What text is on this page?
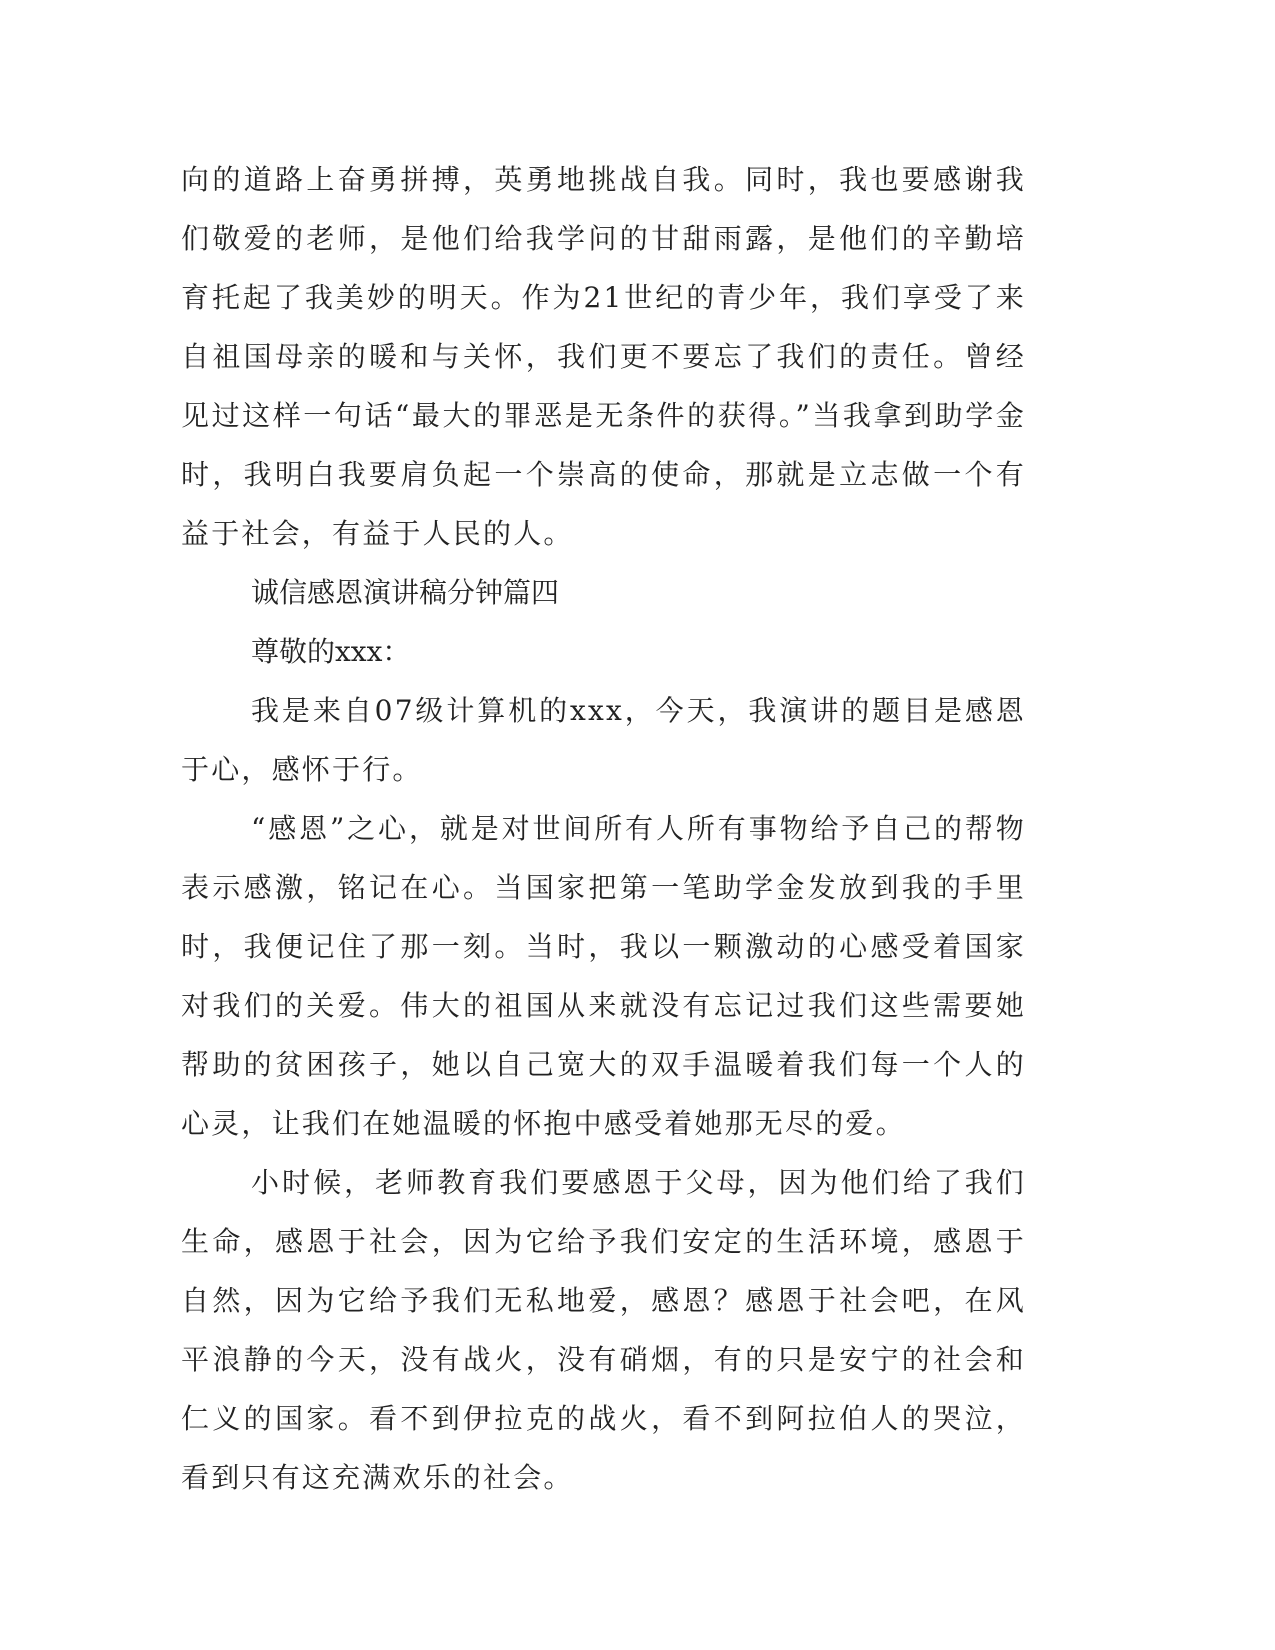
向的道路上奋勇拼搏，英勇地挑战自我。同时，我也要感谢我们敬爱的老师，是他们给我学问的甘甜雨露，是他们的辛勤培育托起了我美妙的明天。作为21世纪的青少年，我们享受了来自祖国母亲的暖和与关怀，我们更不要忘了我们的责任。曾经见过这样一句话“最大的罪恶是无条件的获得。”当我拿到助学金时，我明白我要肩负起一个崇高的使命，那就是立志做一个有益于社会，有益于人民的人。

诚信感恩演讲稿分钟篇四

尊敬的xxx：

我是来自07级计算机的xxx，今天，我演讲的题目是感恩于心，感怀于行。

“感恩”之心，就是对世间所有人所有事物给予自己的帮物表示感激，铭记在心。当国家把第一笔助学金发放到我的手里时，我便记住了那一刻。当时，我以一颗激动的心感受着国家对我们的关爱。伟大的祖国从来就没有忘记过我们这些需要她帮助的贫困孩子，她以自己宽大的双手温暖着我们每一个人的心灵，让我们在她温暖的怀抱中感受着她那无尽的爱。

小时候，老师教育我们要感恩于父母，因为他们给了我们生命，感恩于社会，因为它给予我们安定的生活环境，感恩于自然，因为它给予我们无私地爱，感恩？感恩于社会吧，在风平浪静的今天，没有战火，没有硝烟，有的只是安宁的社会和仁义的国家。看不到伊拉克的战火，看不到阿拉伯人的哭泣，看到只有这充满欢乐的社会。
